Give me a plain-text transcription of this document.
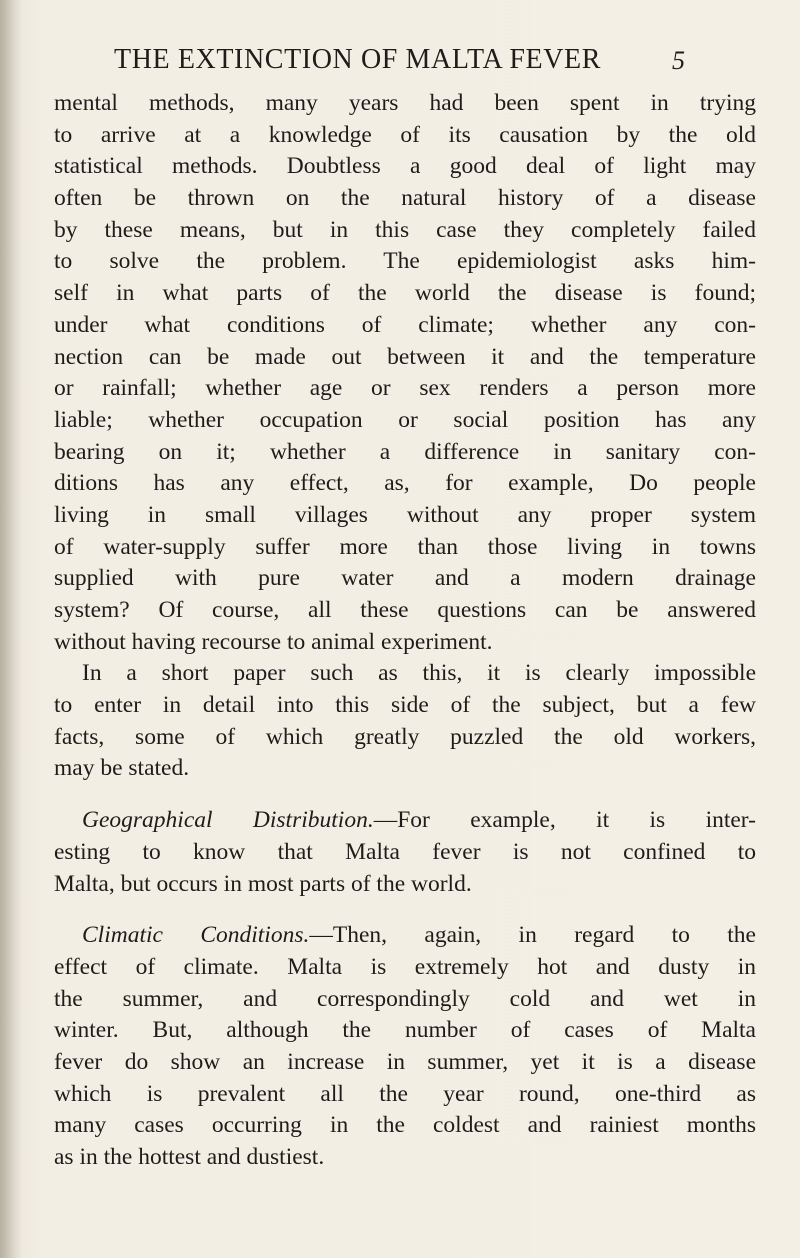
THE EXTINCTION OF MALTA FEVER	5
mental methods, many years had been spent in trying
to arrive at a knowledge of its causation by the old
statistical methods. Doubtless a good deal of light may
often be thrown on the natural history of a disease
by these means, but in this case they completely failed
to solve the problem. The epidemiologist asks him-
self in what parts of the world the disease is found;
under what conditions of climate; whether any con-
nection can be made out between it and the temperature
or rainfall; whether age or sex renders a person more
liable; whether occupation or social position has any
bearing on it; whether a difference in sanitary con-
ditions has any effect, as, for example, Do people
living in small villages without any proper system
of water-supply suffer more than those living in towns
supplied with pure water and a modern drainage
system? Of course, all these questions can be answered
without having recourse to animal experiment.
In a short paper such as this, it is clearly impossible
to enter in detail into this side of the subject, but a few
facts, some of which greatly puzzled the old workers,
may be stated.
Geographical Distribution.—For example, it is inter-
esting to know that Malta fever is not confined to
Malta, but occurs in most parts of the world.
Climatic Conditions.—Then, again, in regard to the
effect of climate. Malta is extremely hot and dusty in
the summer, and correspondingly cold and wet in
winter. But, although the number of cases of Malta
fever do show an increase in summer, yet it is a disease
which is prevalent all the year round, one-third as
many cases occurring in the coldest and rainiest months
as in the hottest and dustiest.
